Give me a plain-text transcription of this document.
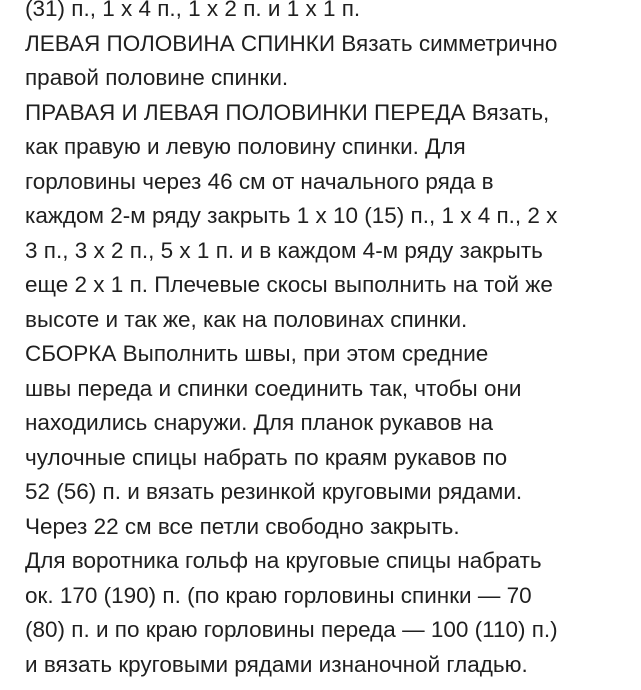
(31) п., 1 х 4 п., 1 х 2 п. и 1 х 1 п.
ЛЕВАЯ ПОЛОВИНА СПИНКИ Вязать симметрично
правой половине спинки.
ПРАВАЯ И ЛЕВАЯ ПОЛОВИНКИ ПЕРЕДА Вязать,
как правую и левую половину спинки. Для
горловины через 46 см от начального ряда в
каждом 2-м ряду закрыть 1 х 10 (15) п., 1 х 4 п., 2 х
3 п., 3 х 2 п., 5 х 1 п. и в каждом 4-м ряду закрыть
еще 2 х 1 п. Плечевые скосы выполнить на той же
высоте и так же, как на половинах спинки.
СБОРКА Выполнить швы, при этом средние
швы переда и спинки соединить так, чтобы они
находились снаружи. Для планок рукавов на
чулочные спицы набрать по краям рукавов по
52 (56) п. и вязать резинкой круговыми рядами.
Через 22 см все петли свободно закрыть.
Для воротника гольф на круговые спицы набрать
ок. 170 (190) п. (по краю горловины спинки — 70
(80) п. и по краю горловины переда — 100 (110) п.)
и вязать круговыми рядами изнаночной гладью.
